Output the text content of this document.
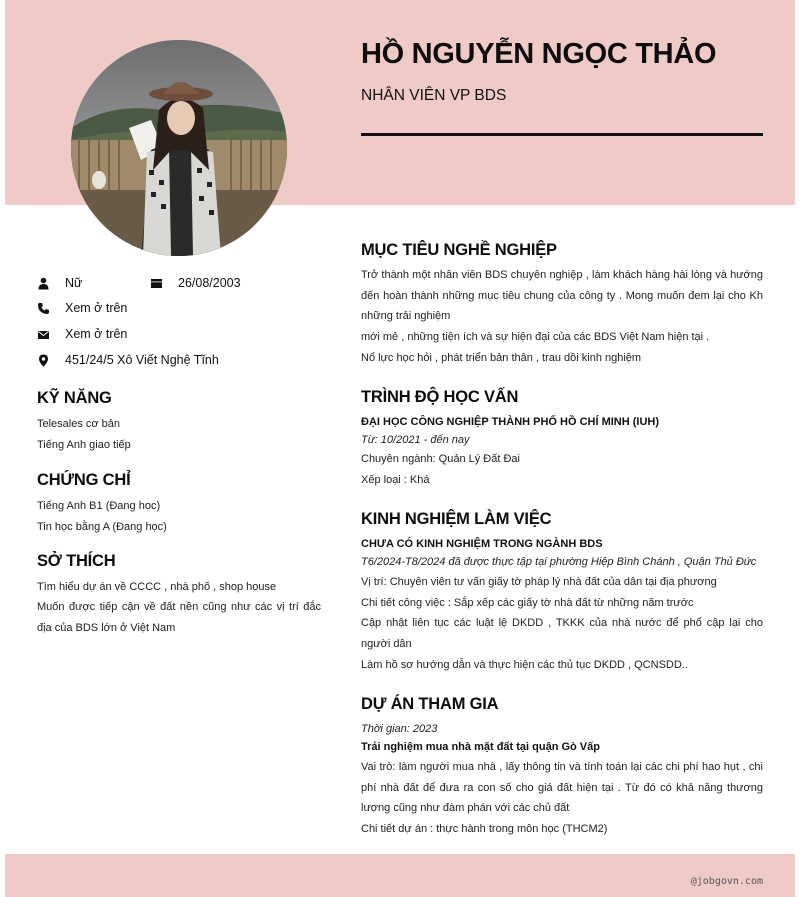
HỒ NGUYỄN NGỌC THẢO
NHÂN VIÊN VP BDS
Nữ	26/08/2003
Xem ở trên
Xem ở trên
451/24/5 Xô Viết Nghệ Tĩnh
KỸ NĂNG
Telesales cơ bản
Tiếng Anh giao tiếp
CHỨNG CHỈ
Tiếng Anh B1 (Đang học)
Tin học bằng A (Đang học)
SỞ THÍCH
Tìm hiểu dự án về CCCC , nhà phố , shop house
Muốn được tiếp cận về đất nền cũng như các vị trí đắc địa của BDS lớn ở Việt Nam
MỤC TIÊU NGHỀ NGHIỆP
Trở thành một nhân viên BDS chuyên nghiệp , làm khách hàng hài lòng và hướng đến hoàn thành những mục tiêu chung của công ty . Mong muốn đem lại cho Kh những trải nghiệm
mới mẻ , những tiện ích và sự hiện đại của các BDS Việt Nam hiện tại .
Nổ lực học hỏi , phát triển bản thân , trau dồi kinh nghiệm
TRÌNH ĐỘ HỌC VẤN
ĐẠI HỌC CÔNG NGHIỆP THÀNH PHỐ HỒ CHÍ MINH (IUH)
Từ: 10/2021 - đến nay
Chuyên ngành: Quản Lý Đất Đai
Xếp loại : Khá
KINH NGHIỆM LÀM VIỆC
CHƯA CÓ KINH NGHIỆM TRONG NGÀNH BDS
T6/2024-T8/2024 đã được thực tập tại phường Hiệp Bình Chánh , Quận Thủ Đức
Vị trí: Chuyên viên tư vấn giấy tờ pháp lý nhà đất của dân tại địa phương
Chi tiết công việc : Sắp xếp các giấy tờ nhà đất từ những năm trước
Cập nhật liên tục các luật lệ DKDD , TKKK của nhà nước để phổ cập lại cho người dân
Làm hồ sơ hướng dẫn và thực hiện các thủ tục DKDD , QCNSDD..
DỰ ÁN THAM GIA
Thời gian: 2023
Trải nghiệm mua nhà mặt đất tại quận Gò Vấp
Vai trò: làm người mua nhà , lấy thông tin và tính toán lại các chi phí hao hụt , chi phí nhà đất để đưa ra con số cho giá đất hiện tại . Từ đó có khả năng thương lượng cũng như đàm phán với các chủ đất
Chi tiết dự án : thực hành trong môn học (THCM2)
@jobgovn.com
